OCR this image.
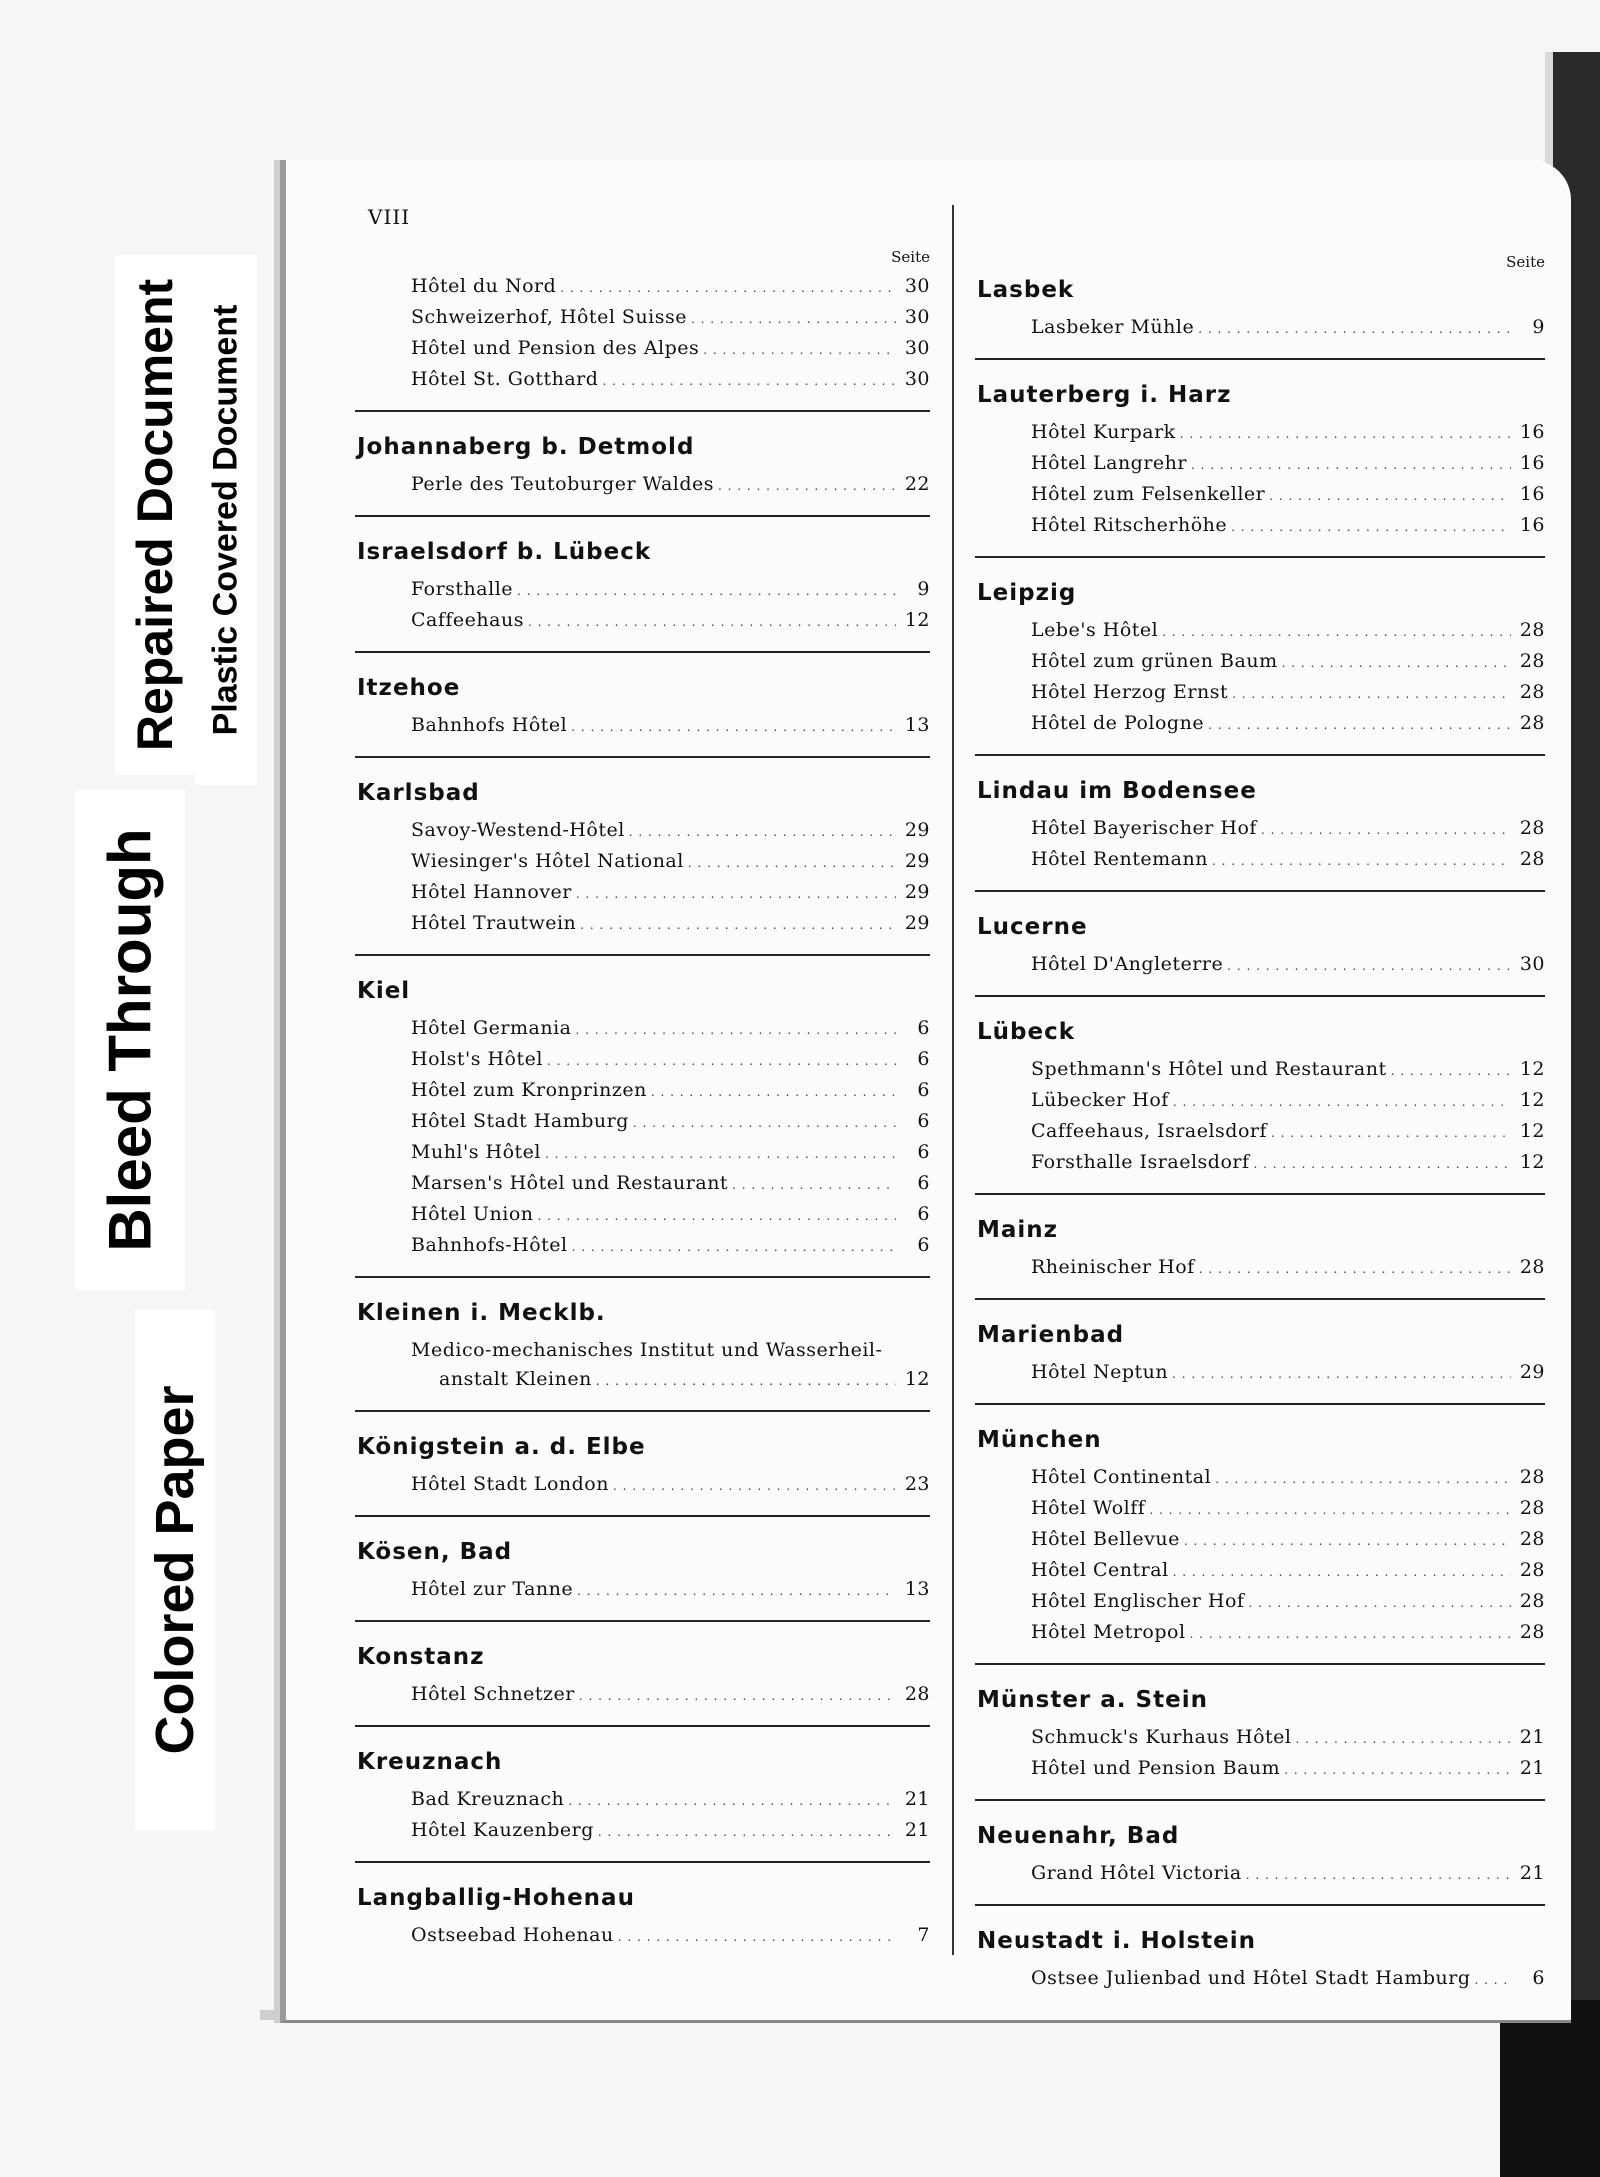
Repaired Document Plastic Covered Document
Bleed Through
Colored Paper
VIII
Seite
Hôtel du Nord . . .	30
Schweizerhof, Hôtel Suisse . . .	30
Hôtel und Pension des Alpes . . .	30
Hôtel St. Gotthard . . .	30
Johannaberg b. Detmold
Perle des Teutoburger Waldes . . .	22
Israelsdorf b. Lübeck
Forsthalle . . .	9
Caffeehaus . . .	12
Itzehoe
Bahnhofs Hôtel . . .	13
Karlsbad
Savoy-Westend-Hôtel . . .	29
Wiesinger's Hôtel National . . .	29
Hôtel Hannover . . .	29
Hôtel Trautwein . . .	29
Kiel
Hôtel Germania . . .	6
Holst's Hôtel . . .	6
Hôtel zum Kronprinzen . . .	6
Hôtel Stadt Hamburg . . .	6
Muhl's Hôtel . . .	6
Marsen's Hôtel und Restaurant . . .	6
Hôtel Union . . .	6
Bahnhofs-Hôtel . . .	6
Kleinen i. Mecklb.
Medico-mechanisches Institut und Wasserheil-
anstalt Kleinen . . .	12
Königstein a. d. Elbe
Hôtel Stadt London . . .	23
Kösen, Bad
Hôtel zur Tanne . . .	13
Konstanz
Hôtel Schnetzer . . .	28
Kreuznach
Bad Kreuznach . . .	21
Hôtel Kauzenberg . . .	21
Langballig-Hohenau
Ostseebad Hohenau . . .	7
Seite
Lasbek
Lasbeker Mühle . . .	9
Lauterberg i. Harz
Hôtel Kurpark . . .	16
Hôtel Langrehr . . .	16
Hôtel zum Felsenkeller . . .	16
Hôtel Ritscherhöhe . . .	16
Leipzig
Lebe's Hôtel . . .	28
Hôtel zum grünen Baum . . .	28
Hôtel Herzog Ernst . . .	28
Hôtel de Pologne . . .	28
Lindau im Bodensee
Hôtel Bayerischer Hof . . .	28
Hôtel Rentemann . . .	28
Lucerne
Hôtel D'Angleterre . . .	30
Lübeck
Spethmann's Hôtel und Restaurant . . .	12
Lübecker Hof . . .	12
Caffeehaus, Israelsdorf . . .	12
Forsthalle Israelsdorf . . .	12
Mainz
Rheinischer Hof . . .	28
Marienbad
Hôtel Neptun . . .	29
München
Hôtel Continental . . .	28
Hôtel Wolff . . .	28
Hôtel Bellevue . . .	28
Hôtel Central . . .	28
Hôtel Englischer Hof . . .	28
Hôtel Metropol . . .	28
Münster a. Stein
Schmuck's Kurhaus Hôtel . . .	21
Hôtel und Pension Baum . . .	21
Neuenahr, Bad
Grand Hôtel Victoria . . .	21
Neustadt i. Holstein
Ostsee Julienbad und Hôtel Stadt Hamburg . . .	6
